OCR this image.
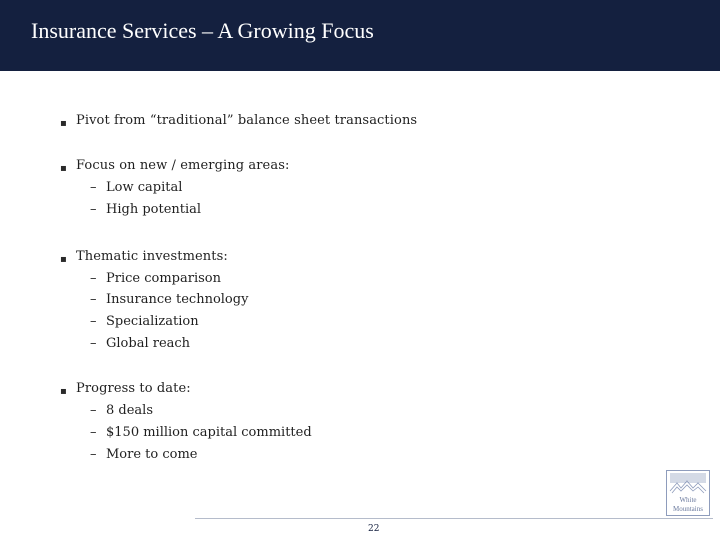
Insurance Services – A Growing Focus
▪ Pivot from “traditional” balance sheet transactions
▪ Focus on new / emerging areas:
– Low capital
– High potential
▪ Thematic investments:
– Price comparison
– Insurance technology
– Specialization
– Global reach
▪ Progress to date:
– 8 deals
– $150 million capital committed
– More to come
White
Mountains
22
